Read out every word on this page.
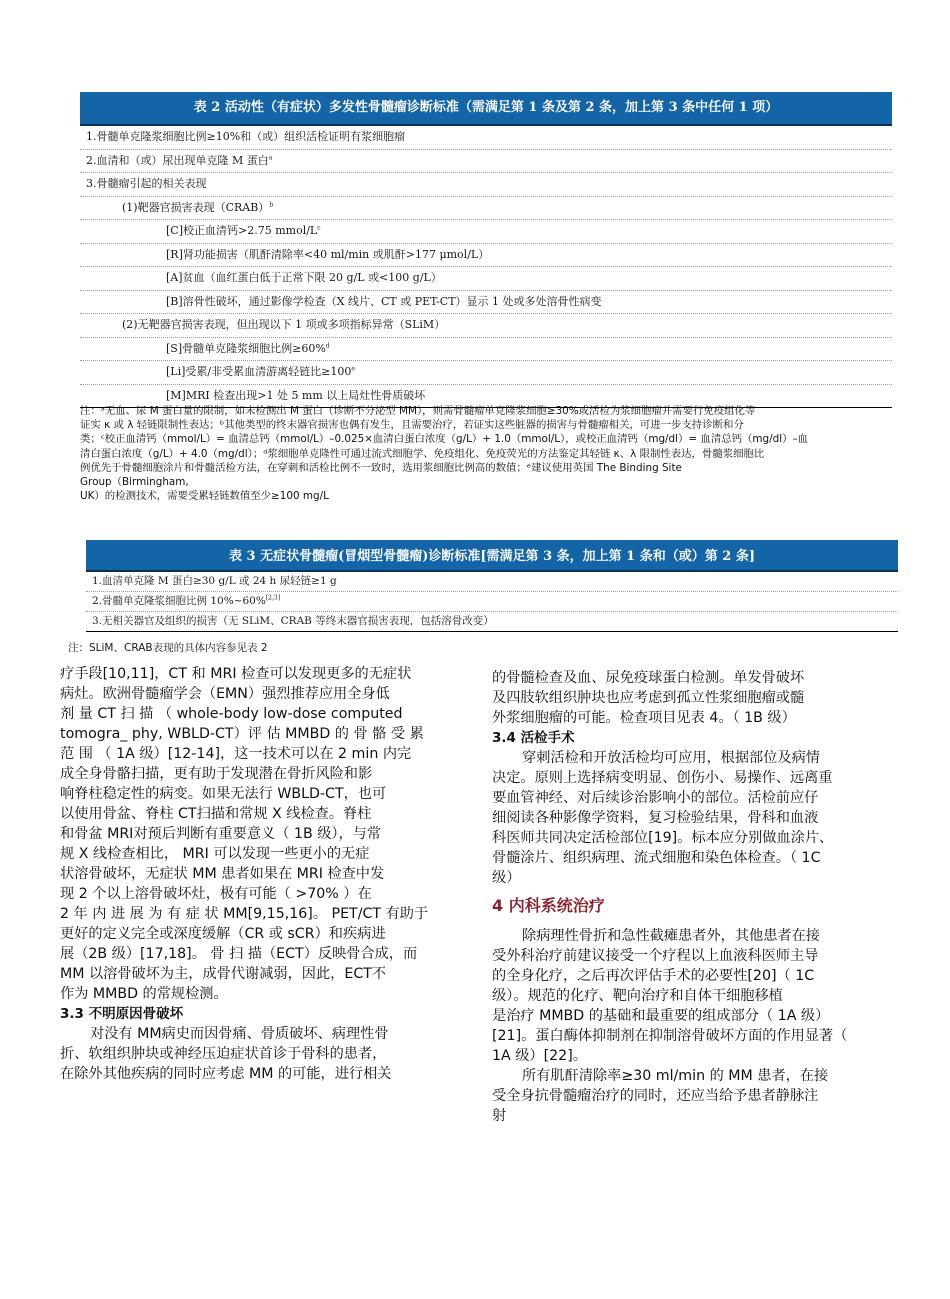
表 2 活动性（有症状）多发性骨髓瘤诊断标准（需满足第 1 条及第 2 条，加上第 3 条中任何 1 项）
1.骨髓单克隆浆细胞比例≥10%和（或）组织活检证明有浆细胞瘤
2.血清和（或）尿出现单克隆 M 蛋白$^a$
3.骨髓瘤引起的相关表现
(1)靶器官损害表现（CRAB）$^b$
[C]校正血清钙>2.75 mmol/$L^c$
[R]肾功能损害（肌酐清除率<40 ml/min 或肌酐>177 μmol/L）
[A]贫血（血红蛋白低于正常下限 20 g/L 或<100 g/L）
[B]溶骨性破坏，通过影像学检查（X 线片、CT 或 PET-CT）显示 1 处或多处溶骨性病变
(2)无靶器官损害表现，但出现以下 1 项或多项指标异常（SLiM）
[S]骨髓单克隆浆细胞比例≥60%$^d$
[Li]受累/非受累血清游离轻链比$\ge 100^e$
[M]MRI 检查出现>1 处 5 mm 以上局灶性骨质破坏
注：ᵃ无血、尿 M 蛋白量的限制，如未检测出 M 蛋白（诊断不分泌型 MM），则需骨髓瘤单克隆浆细胞≥30%或活检为浆细胞瘤并需要行免疫组化等
证实 κ 或 λ 轻链限制性表达；ᵇ其他类型的终末器官损害也偶有发生，且需要治疗，若证实这些脏器的损害与骨髓瘤相关，可进一步支持诊断和分
类；ᶜ校正血清钙（mmol/L）= 血清总钙（mmol/L）–0.025×血清白蛋白浓度（g/L）+ 1.0（mmol/L），或校正血清钙（mg/dl）= 血清总钙（mg/dl）–血
清白蛋白浓度（g/L）+ 4.0（mg/dl）；ᵈ浆细胞单克隆性可通过流式细胞学、免疫组化、免疫荧光的方法鉴定其轻链 κ、λ 限制性表达，骨髓浆细胞比
例优先于骨髓细胞涂片和骨髓活检方法，在穿刺和活检比例不一致时，选用浆细胞比例高的数值；ᵉ建议使用英国 The Binding Site
Group（Birmingham,
UK）的检测技术，需要受累轻链数值至少≥100 mg/L
表 3 无症状骨髓瘤(冒烟型骨髓瘤)诊断标准[需满足第 3 条，加上第 1 条和（或）第 2 条]
1.血清单克隆 M 蛋白≥30 g/L 或 24 h 尿轻链≥1 g
2.骨髓单克隆浆细胞比例 10%~60%[2,3]
3.无相关器官及组织的损害（无 SLiM、CRAB 等终末器官损害表现，包括溶骨改变）
注：SLiM、CRAB表现的具体内容参见表 2
疗手段[10,11]，CT 和 MRI 检查可以发现更多的无症状
病灶。欧洲骨髓瘤学会（EMN）强烈推荐应用全身低
剂 量 CT 扫 描 （ whole-body low-dose computed
tomogra_ phy, WBLD-CT）评 估 MMBD 的 骨 骼 受 累
范 围 （ 1A 级）[12-14]，这一技术可以在 2 min 内完
成全身骨骼扫描，更有助于发现潜在骨折风险和影
响脊柱稳定性的病变。如果无法行 WBLD-CT，也可
以使用骨盆、脊柱 CT扫描和常规 X 线检查。脊柱
和骨盆 MRI对预后判断有重要意义（ 1B 级），与常
规 X 线检查相比， MRI 可以发现一些更小的无症
状溶骨破坏，无症状 MM 患者如果在 MRI 检查中发
现 2 个以上溶骨破坏灶，极有可能（ >70% ）在
2 年 内 进 展 为 有 症 状 MM[9,15,16]。 PET/CT 有助于
更好的定义完全或深度缓解（CR 或 sCR）和疾病进
展（2B 级）[17,18]。 骨 扫 描（ECT）反映骨合成，而
MM 以溶骨破坏为主，成骨代谢减弱，因此，ECT不
作为 MMBD 的常规检测。
3.3 不明原因骨破坏
对没有 MM病史而因骨痛、骨质破坏、病理性骨
折、软组织肿块或神经压迫症状首诊于骨科的患者，
在除外其他疾病的同时应考虑 MM 的可能，进行相关
的骨髓检查及血、尿免疫球蛋白检测。单发骨破坏
及四肢软组织肿块也应考虑到孤立性浆细胞瘤或髓
外浆细胞瘤的可能。检查项目见表 4。（ 1B 级）
3.4 活检手术
穿刺活检和开放活检均可应用，根据部位及病情
决定。原则上选择病变明显、创伤小、易操作、远离重
要血管神经、对后续诊治影响小的部位。活检前应仔
细阅读各种影像学资料，复习检验结果，骨科和血液
科医师共同决定活检部位[19]。标本应分别做血涂片、
骨髓涂片、组织病理、流式细胞和染色体检查。（ 1C
级）
4 内科系统治疗
除病理性骨折和急性截瘫患者外，其他患者在接
受外科治疗前建议接受一个疗程以上血液科医师主导
的全身化疗，之后再次评估手术的必要性[20]（ 1C
级）。规范的化疗、靶向治疗和自体干细胞移植
是治疗 MMBD 的基础和最重要的组成部分（ 1A 级）
[21]。蛋白酶体抑制剂在抑制溶骨破坏方面的作用显著（
1A 级）[22]。
所有肌酐清除率≥30 ml/min 的 MM 患者，在接
受全身抗骨髓瘤治疗的同时，还应当给予患者静脉注
射
